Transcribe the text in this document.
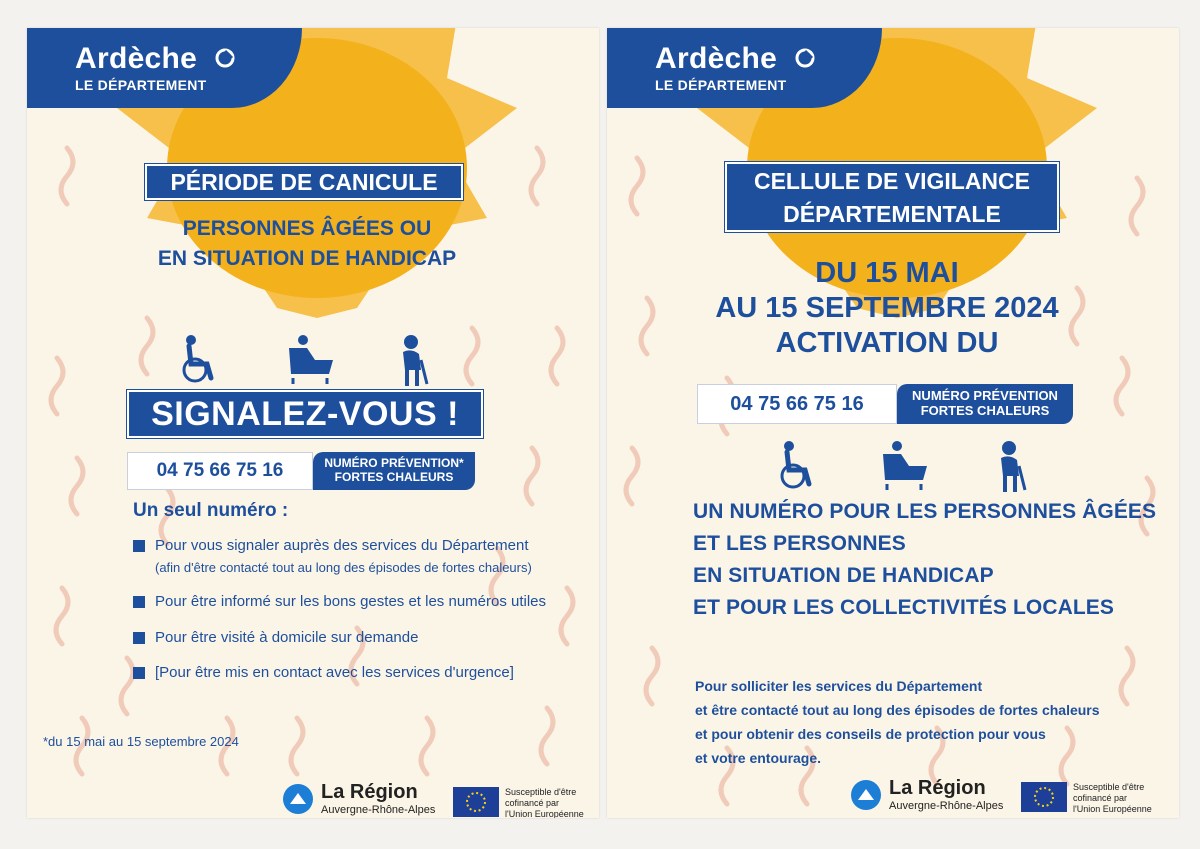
Ardèche
LE DÉPARTEMENT
PÉRIODE DE CANICULE
PERSONNES ÂGÉES OU
EN SITUATION DE HANDICAP
SIGNALEZ-VOUS !
04 75 66 75 16	NUMÉRO PRÉVENTION*
FORTES CHALEURS
Un seul numéro :
Pour vous signaler auprès des services du Département
(afin d'être contacté tout au long des épisodes de fortes chaleurs)
Pour être informé sur les bons gestes et les numéros utiles
Pour être visité à domicile sur demande
[Pour être mis en contact avec les services d'urgence]
*du 15 mai au 15 septembre 2024
La Région
Auvergne-Rhône-Alpes
Susceptible d'être
cofinancé par
l'Union Européenne
Ardèche
LE DÉPARTEMENT
CELLULE DE VIGILANCE
DÉPARTEMENTALE
DU 15 MAI
AU 15 SEPTEMBRE 2024
ACTIVATION DU
04 75 66 75 16	NUMÉRO PRÉVENTION
FORTES CHALEURS
UN NUMÉRO POUR LES PERSONNES ÂGÉES
ET LES PERSONNES
EN SITUATION DE HANDICAP
ET POUR LES COLLECTIVITÉS LOCALES
Pour solliciter les services du Département
et être contacté tout au long des épisodes de fortes chaleurs
et pour obtenir des conseils de protection pour vous
et votre entourage.
La Région
Auvergne-Rhône-Alpes
Susceptible d'être
cofinancé par
l'Union Européenne
